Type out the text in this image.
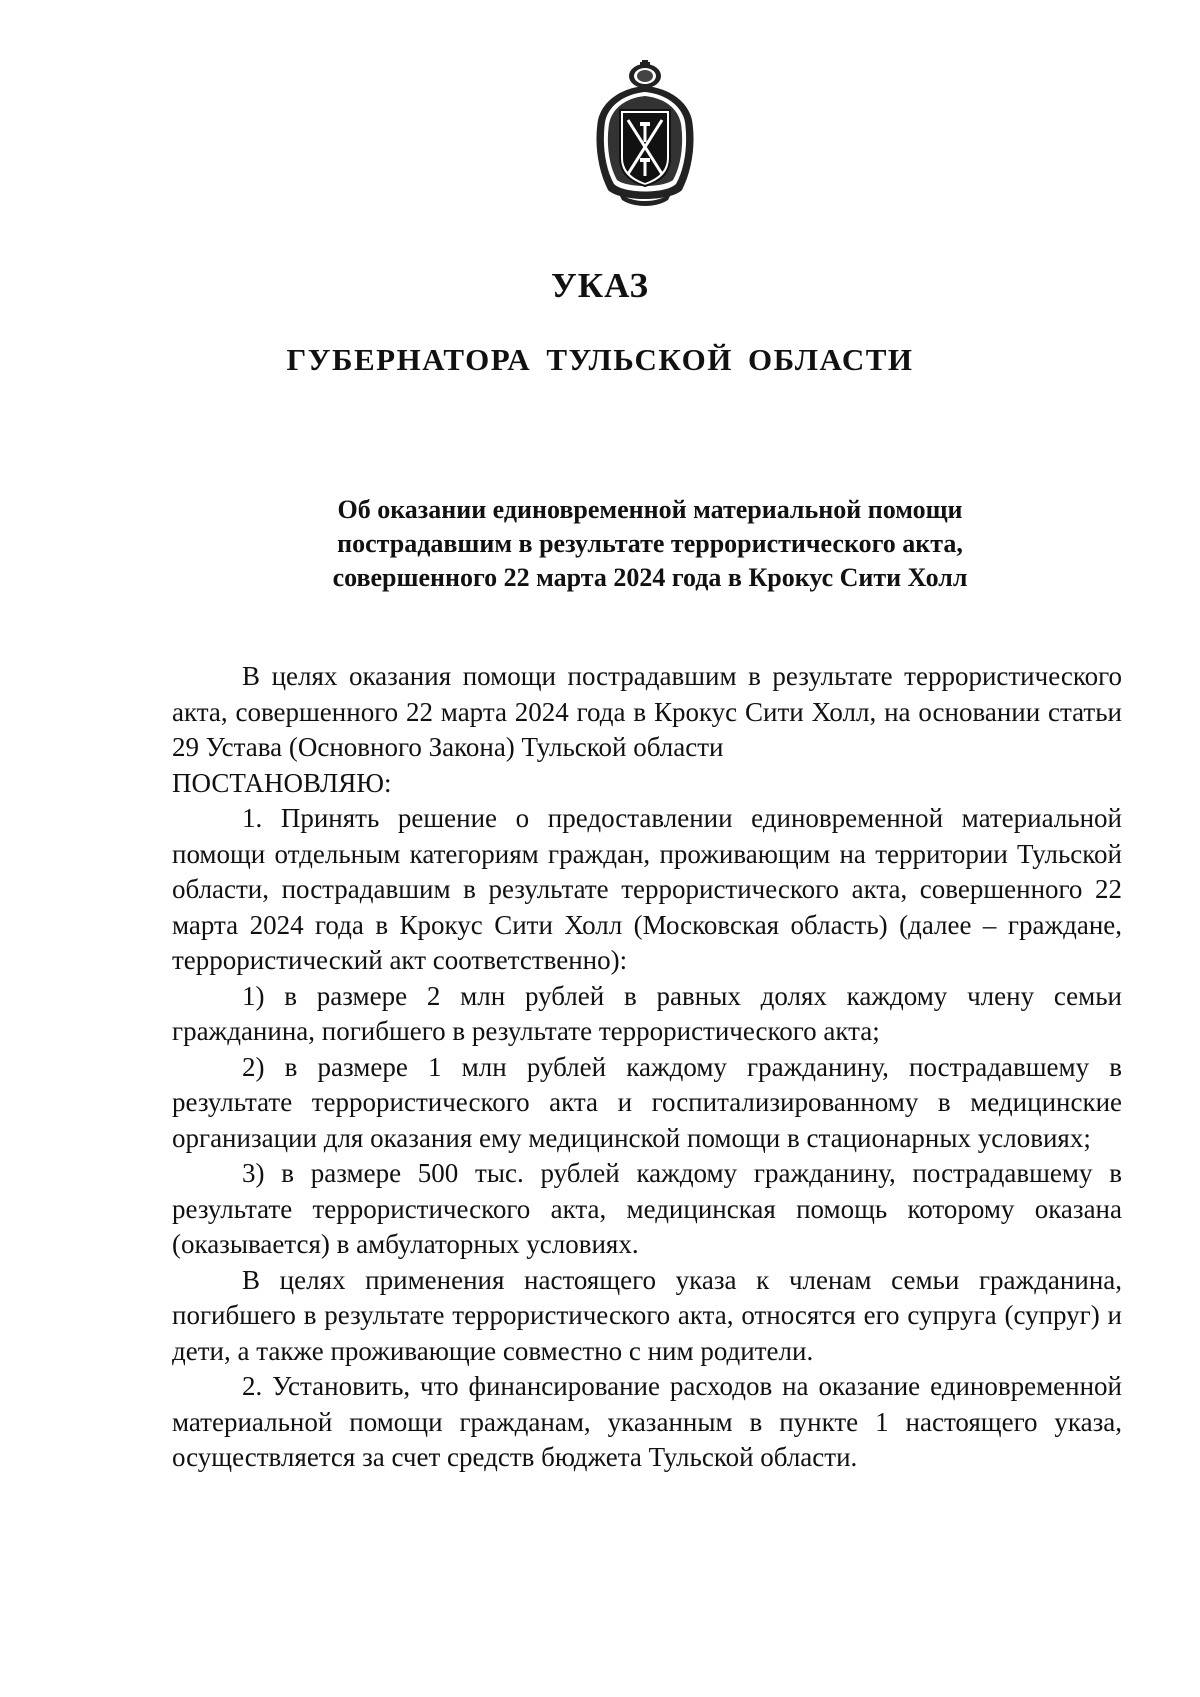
УКАЗ
ГУБЕРНАТОРА ТУЛЬСКОЙ ОБЛАСТИ
Об оказании единовременной материальной помощи
пострадавшим в результате террористического акта,
совершенного 22 марта 2024 года в Крокус Сити Холл

В целях оказания помощи пострадавшим в результате террористического акта, совершенного 22 марта 2024 года в Крокус Сити Холл, на основании статьи 29 Устава (Основного Закона) Тульской области

ПОСТАНОВЛЯЮ:

1. Принять решение о предоставлении единовременной материальной помощи отдельным категориям граждан, проживающим на территории Тульской области, пострадавшим в результате террористического акта, совершенного 22 марта 2024 года в Крокус Сити Холл (Московская область) (далее – граждане, террористический акт соответственно):

1) в размере 2 млн рублей в равных долях каждому члену семьи гражданина, погибшего в результате террористического акта;

2) в размере 1 млн рублей каждому гражданину, пострадавшему в результате террористического акта и госпитализированному в медицинские организации для оказания ему медицинской помощи в стационарных условиях;

3) в размере 500 тыс. рублей каждому гражданину, пострадавшему в результате террористического акта, медицинская помощь которому оказана (оказывается) в амбулаторных условиях.

В целях применения настоящего указа к членам семьи гражданина, погибшего в результате террористического акта, относятся его супруга (супруг) и дети, а также проживающие совместно с ним родители.

2. Установить, что финансирование расходов на оказание единовременной материальной помощи гражданам, указанным в пункте 1 настоящего указа, осуществляется за счет средств бюджета Тульской области.
